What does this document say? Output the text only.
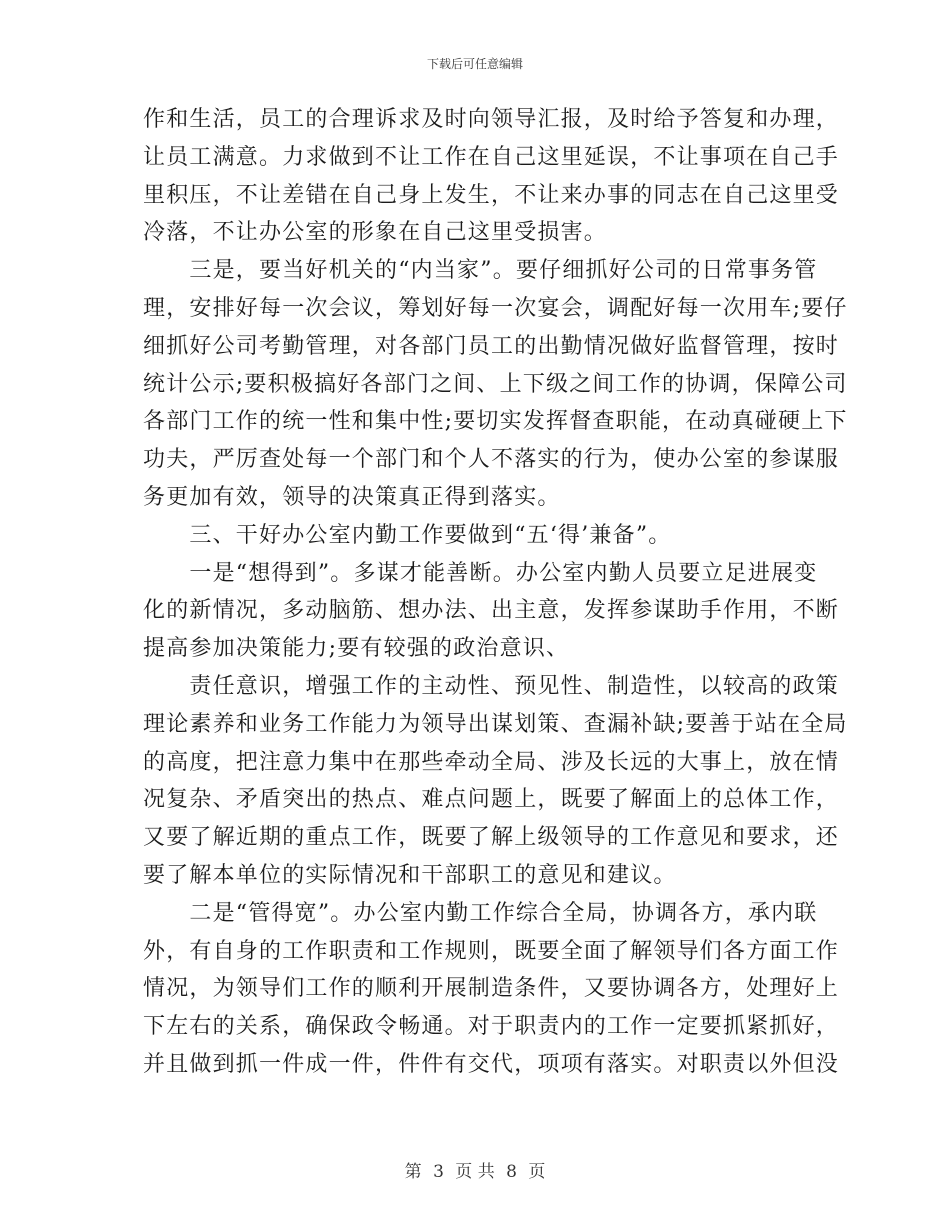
下载后可任意编辑
作和生活，员工的合理诉求及时向领导汇报，及时给予答复和办理，
让员工满意。力求做到不让工作在自己这里延误，不让事项在自己手
里积压，不让差错在自己身上发生，不让来办事的同志在自己这里受
冷落，不让办公室的形象在自己这里受损害。
　　三是，要当好机关的“内当家”。要仔细抓好公司的日常事务管
理，安排好每一次会议，筹划好每一次宴会，调配好每一次用车;要仔
细抓好公司考勤管理，对各部门员工的出勤情况做好监督管理，按时
统计公示;要积极搞好各部门之间、上下级之间工作的协调，保障公司
各部门工作的统一性和集中性;要切实发挥督查职能，在动真碰硬上下
功夫，严厉查处每一个部门和个人不落实的行为，使办公室的参谋服
务更加有效，领导的决策真正得到落实。
　　三、干好办公室内勤工作要做到“五‘得’兼备”。
　　一是“想得到”。多谋才能善断。办公室内勤人员要立足进展变
化的新情况，多动脑筋、想办法、出主意，发挥参谋助手作用，不断
提高参加决策能力;要有较强的政治意识、
　　责任意识，增强工作的主动性、预见性、制造性，以较高的政策
理论素养和业务工作能力为领导出谋划策、查漏补缺;要善于站在全局
的高度，把注意力集中在那些牵动全局、涉及长远的大事上，放在情
况复杂、矛盾突出的热点、难点问题上，既要了解面上的总体工作，
又要了解近期的重点工作，既要了解上级领导的工作意见和要求，还
要了解本单位的实际情况和干部职工的意见和建议。
　　二是“管得宽”。办公室内勤工作综合全局，协调各方，承内联
外，有自身的工作职责和工作规则，既要全面了解领导们各方面工作
情况，为领导们工作的顺利开展制造条件，又要协调各方，处理好上
下左右的关系，确保政令畅通。对于职责内的工作一定要抓紧抓好，
并且做到抓一件成一件，件件有交代，项项有落实。对职责以外但没
第 3 页 共 8 页
